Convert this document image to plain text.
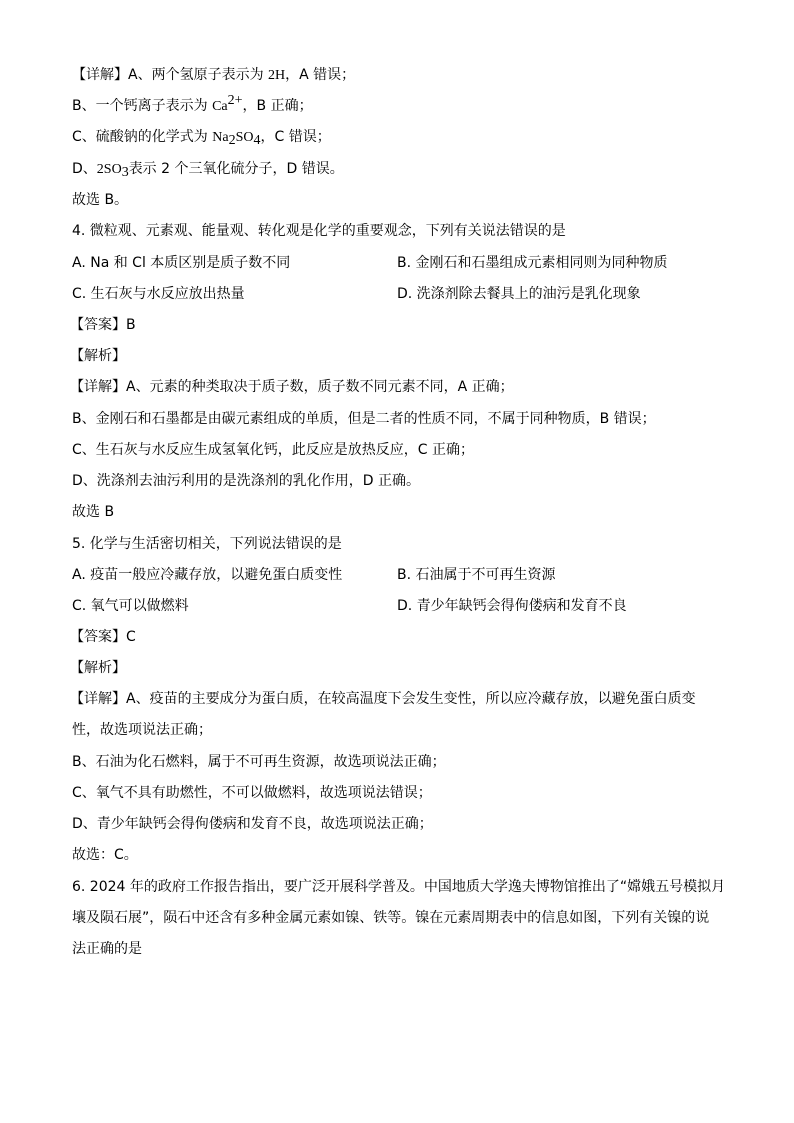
【详解】A、两个氢原子表示为 2H，A 错误；
B、一个钙离子表示为 $Ca^{2+}$，B 正确；
C、硫酸钠的化学式为 $Na_2SO_4$，C 错误；
D、$2SO_3$表示 2 个三氧化硫分子，D 错误。
故选 B。
4. 微粒观、元素观、能量观、转化观是化学的重要观念，下列有关说法错误的是
A. Na 和 Cl 本质区别是质子数不同	B. 金刚石和石墨组成元素相同则为同种物质
C. 生石灰与水反应放出热量	D. 洗涤剂除去餐具上的油污是乳化现象
【答案】B
【解析】
【详解】A、元素的种类取决于质子数，质子数不同元素不同，A 正确；
B、金刚石和石墨都是由碳元素组成的单质，但是二者的性质不同，不属于同种物质，B 错误；
C、生石灰与水反应生成氢氧化钙，此反应是放热反应，C 正确；
D、洗涤剂去油污利用的是洗涤剂的乳化作用，D 正确。
故选 B
5. 化学与生活密切相关，下列说法错误的是
A. 疫苗一般应冷藏存放，以避免蛋白质变性	B. 石油属于不可再生资源
C. 氧气可以做燃料	D. 青少年缺钙会得佝偻病和发育不良
【答案】C
【解析】
【详解】A、疫苗的主要成分为蛋白质，在较高温度下会发生变性，所以应冷藏存放，以避免蛋白质变
性，故选项说法正确；
B、石油为化石燃料，属于不可再生资源，故选项说法正确；
C、氧气不具有助燃性，不可以做燃料，故选项说法错误；
D、青少年缺钙会得佝偻病和发育不良，故选项说法正确；
故选：C。
6. 2024 年的政府工作报告指出，要广泛开展科学普及。中国地质大学逸夫博物馆推出了“嫦娥五号模拟月
壤及陨石展”，陨石中还含有多种金属元素如镍、铁等。镍在元素周期表中的信息如图，下列有关镍的说
法正确的是
